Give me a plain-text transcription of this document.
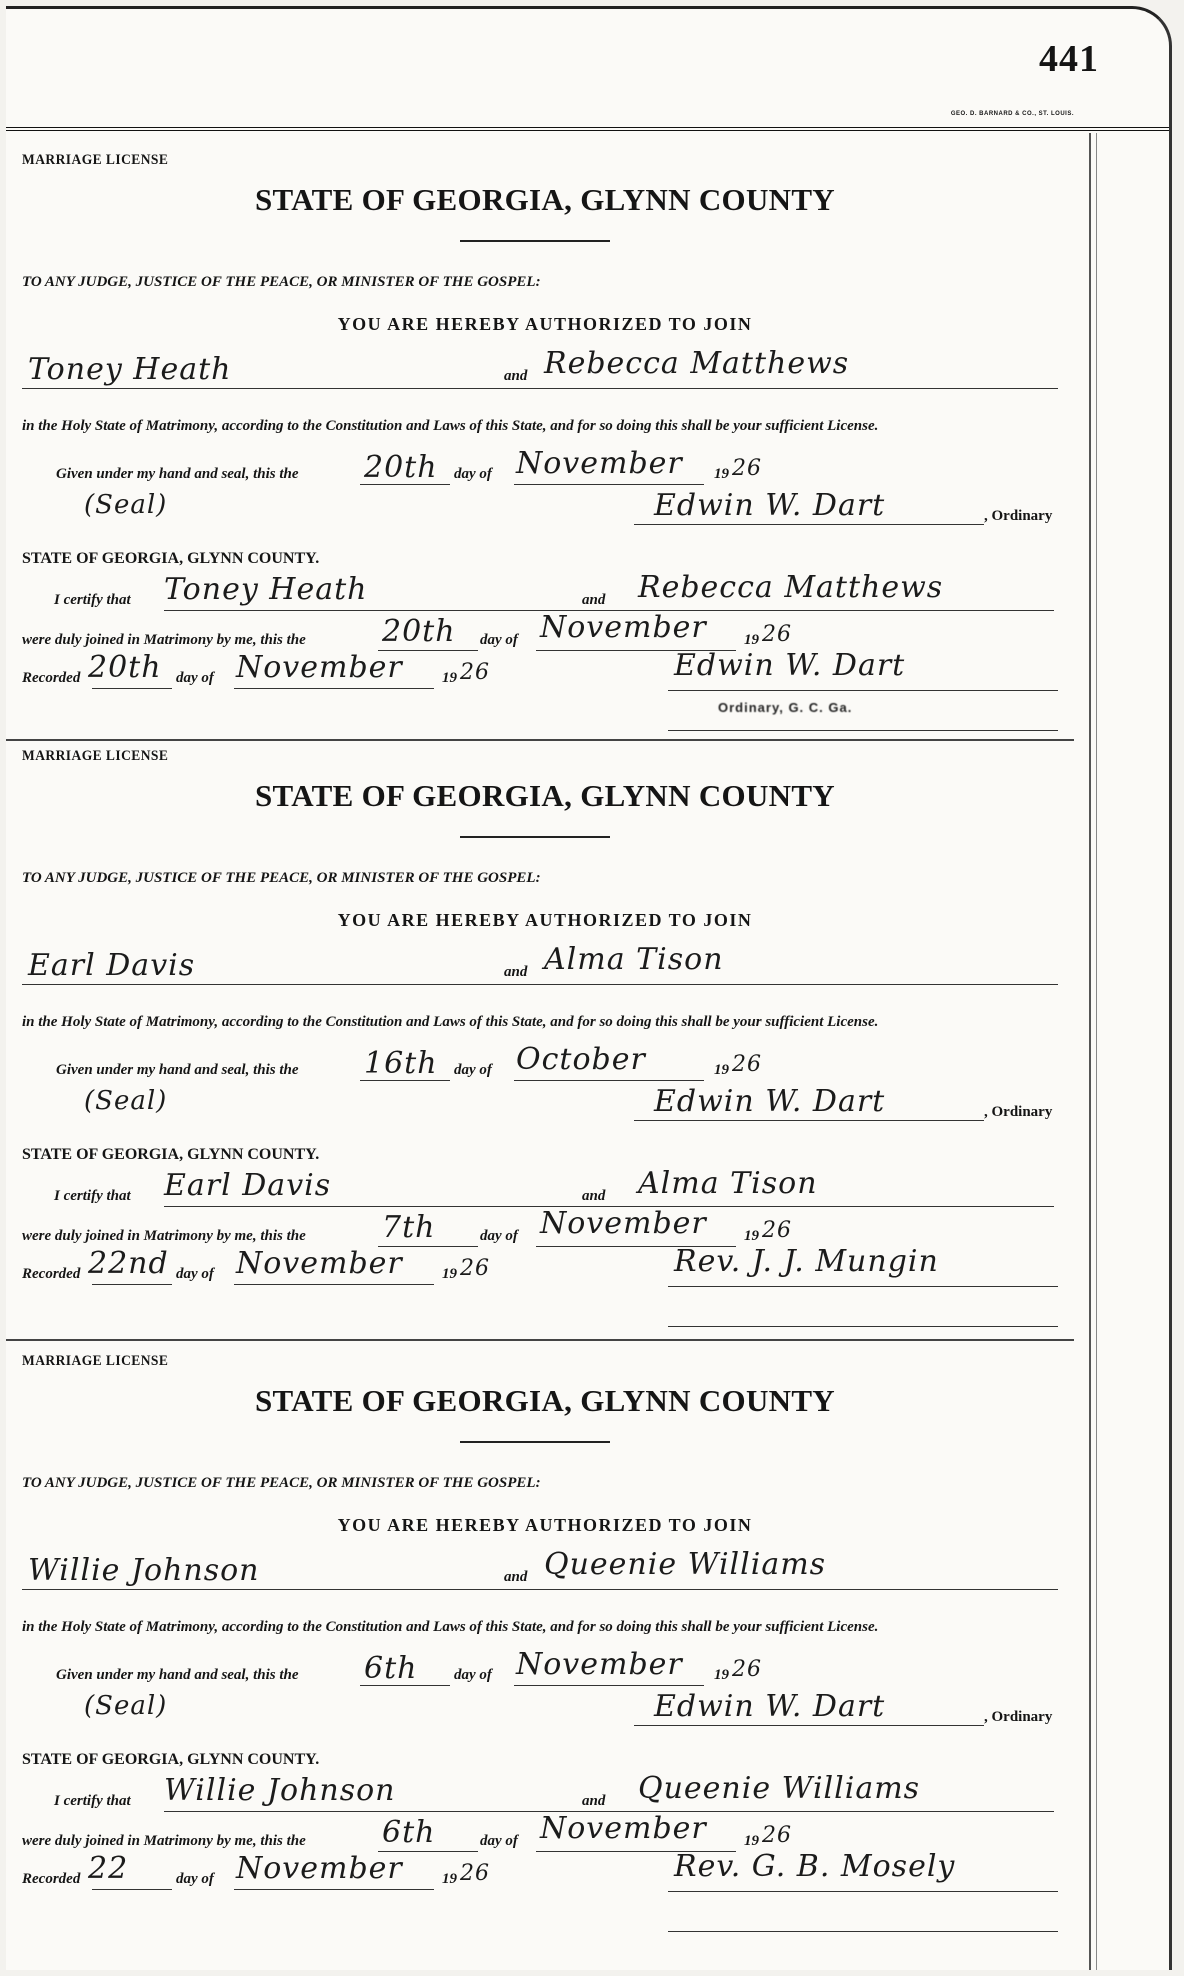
441
GEO. D. BARNARD & CO., ST. LOUIS.
MARRIAGE LICENSE
STATE OF GEORGIA, GLYNN COUNTY
TO ANY JUDGE, JUSTICE OF THE PEACE, OR MINISTER OF THE GOSPEL:
YOU ARE HEREBY AUTHORIZED TO JOIN
Toney Heath	and Rebecca Matthews
in the Holy State of Matrimony, according to the Constitution and Laws of this State, and for so doing this shall be your sufficient License.
Given under my hand and seal, this the 20th day of November 19 26
(Seal)	Edwin W. Dart	, Ordinary
STATE OF GEORGIA, GLYNN COUNTY.
I certify that Toney Heath	and Rebecca Matthews
were duly joined in Matrimony by me, this the	20th day of November 19 26
Recorded 20th day of November	19 26	Edwin W. Dart
Ordinary, G. C. Ga.
MARRIAGE LICENSE
STATE OF GEORGIA, GLYNN COUNTY
TO ANY JUDGE, JUSTICE OF THE PEACE, OR MINISTER OF THE GOSPEL:
YOU ARE HEREBY AUTHORIZED TO JOIN
Earl Davis	and Alma Tison
in the Holy State of Matrimony, according to the Constitution and Laws of this State, and for so doing this shall be your sufficient License.
Given under my hand and seal, this the 16th day of October	19 26
(Seal)	Edwin W. Dart	, Ordinary
STATE OF GEORGIA, GLYNN COUNTY.
I certify that Earl Davis	and Alma Tison
were duly joined in Matrimony by me, this the	7th	day of November 19 26
Recorded 22nd day of November	19 26	Rev. J. J. Mungin
MARRIAGE LICENSE
STATE OF GEORGIA, GLYNN COUNTY
TO ANY JUDGE, JUSTICE OF THE PEACE, OR MINISTER OF THE GOSPEL:
YOU ARE HEREBY AUTHORIZED TO JOIN
Willie Johnson	and Queenie Williams
in the Holy State of Matrimony, according to the Constitution and Laws of this State, and for so doing this shall be your sufficient License.
Given under my hand and seal, this the 6th day of November 19 26
(Seal)	Edwin W. Dart	, Ordinary
STATE OF GEORGIA, GLYNN COUNTY.
I certify that Willie Johnson	and Queenie Williams
were duly joined in Matrimony by me, this the	6th	day of November 19 26
Recorded 22	day of November	19 26	Rev. G. B. Mosely
